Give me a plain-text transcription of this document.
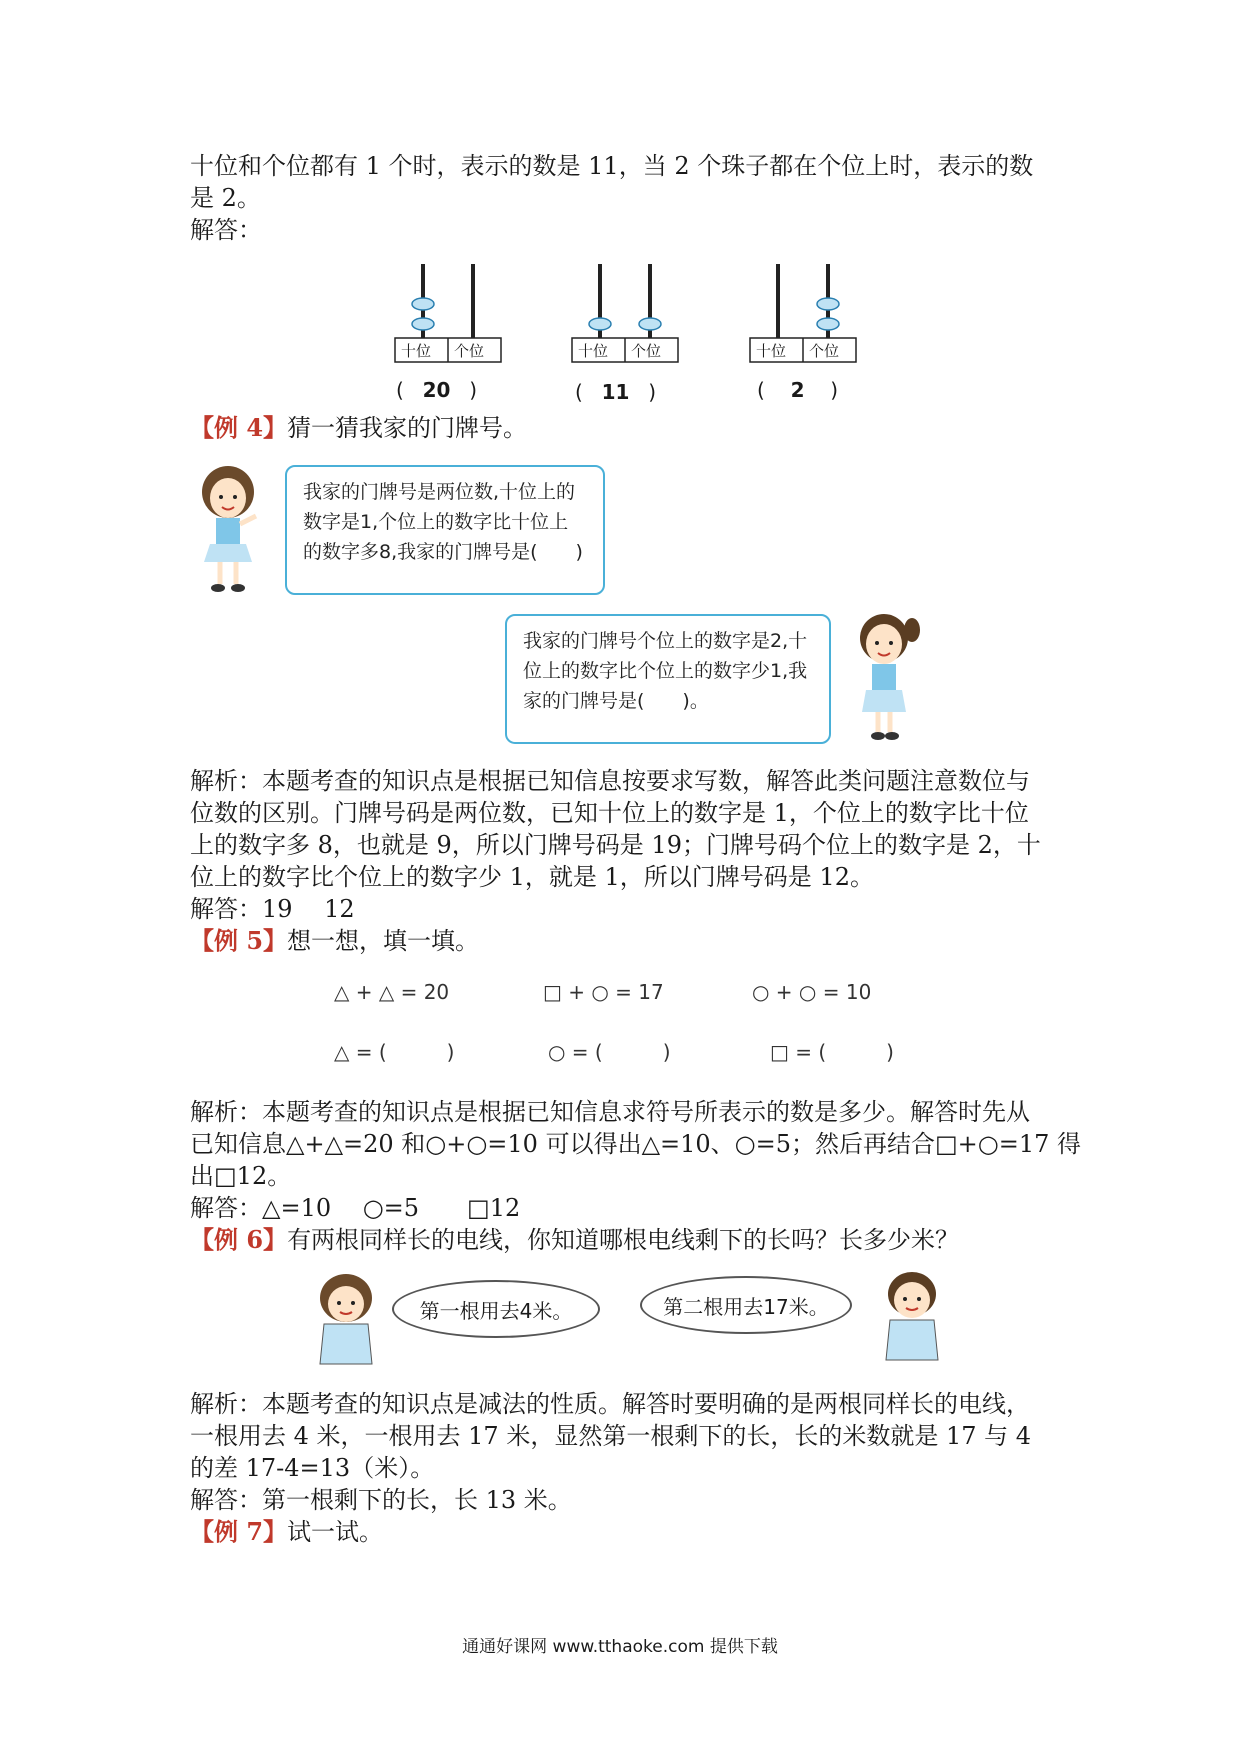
十位和个位都有 1 个时，表示的数是 11，当 2 个珠子都在个位上时，表示的数
是 2。
解答：
十位 个位
(  20  )
十位 个位
(  11  )
十位 个位
(  2  )
【例 4】猜一猜我家的门牌号。
我家的门牌号是两位数,十位上的数字是1,个位上的数字比十位上的数字多8,我家的门牌号是(　　)
我家的门牌号个位上的数字是2,十位上的数字比个位上的数字少1,我家的门牌号是(　　)。
解析：本题考查的知识点是根据已知信息按要求写数，解答此类问题注意数位与
位数的区别。门牌号码是两位数，已知十位上的数字是 1，个位上的数字比十位
上的数字多 8，也就是 9，所以门牌号码是 19；门牌号码个位上的数字是 2，十
位上的数字比个位上的数字少 1，就是 1，所以门牌号码是 12。
解答：19　 12
【例 5】想一想，填一填。
△ + △ = 20	□ + ○ = 17	○ + ○ = 10
△ = (　　　)	○ = (　　　)	□ = (　　　)
解析：本题考查的知识点是根据已知信息求符号所表示的数是多少。解答时先从
已知信息△+△=20 和○+○=10 可以得出△=10、○=5；然后再结合□+○=17 得
出□12。
解答：△=10　 ○=5　　□12
【例 6】有两根同样长的电线，你知道哪根电线剩下的长吗？长多少米？
第一根用去4米。	第二根用去17米。
解析：本题考查的知识点是减法的性质。解答时要明确的是两根同样长的电线，
一根用去 4 米，一根用去 17 米，显然第一根剩下的长，长的米数就是 17 与 4
的差 17-4=13（米）。
解答：第一根剩下的长，长 13 米。
【例 7】试一试。
通通好课网 www.tthaoke.com 提供下载
